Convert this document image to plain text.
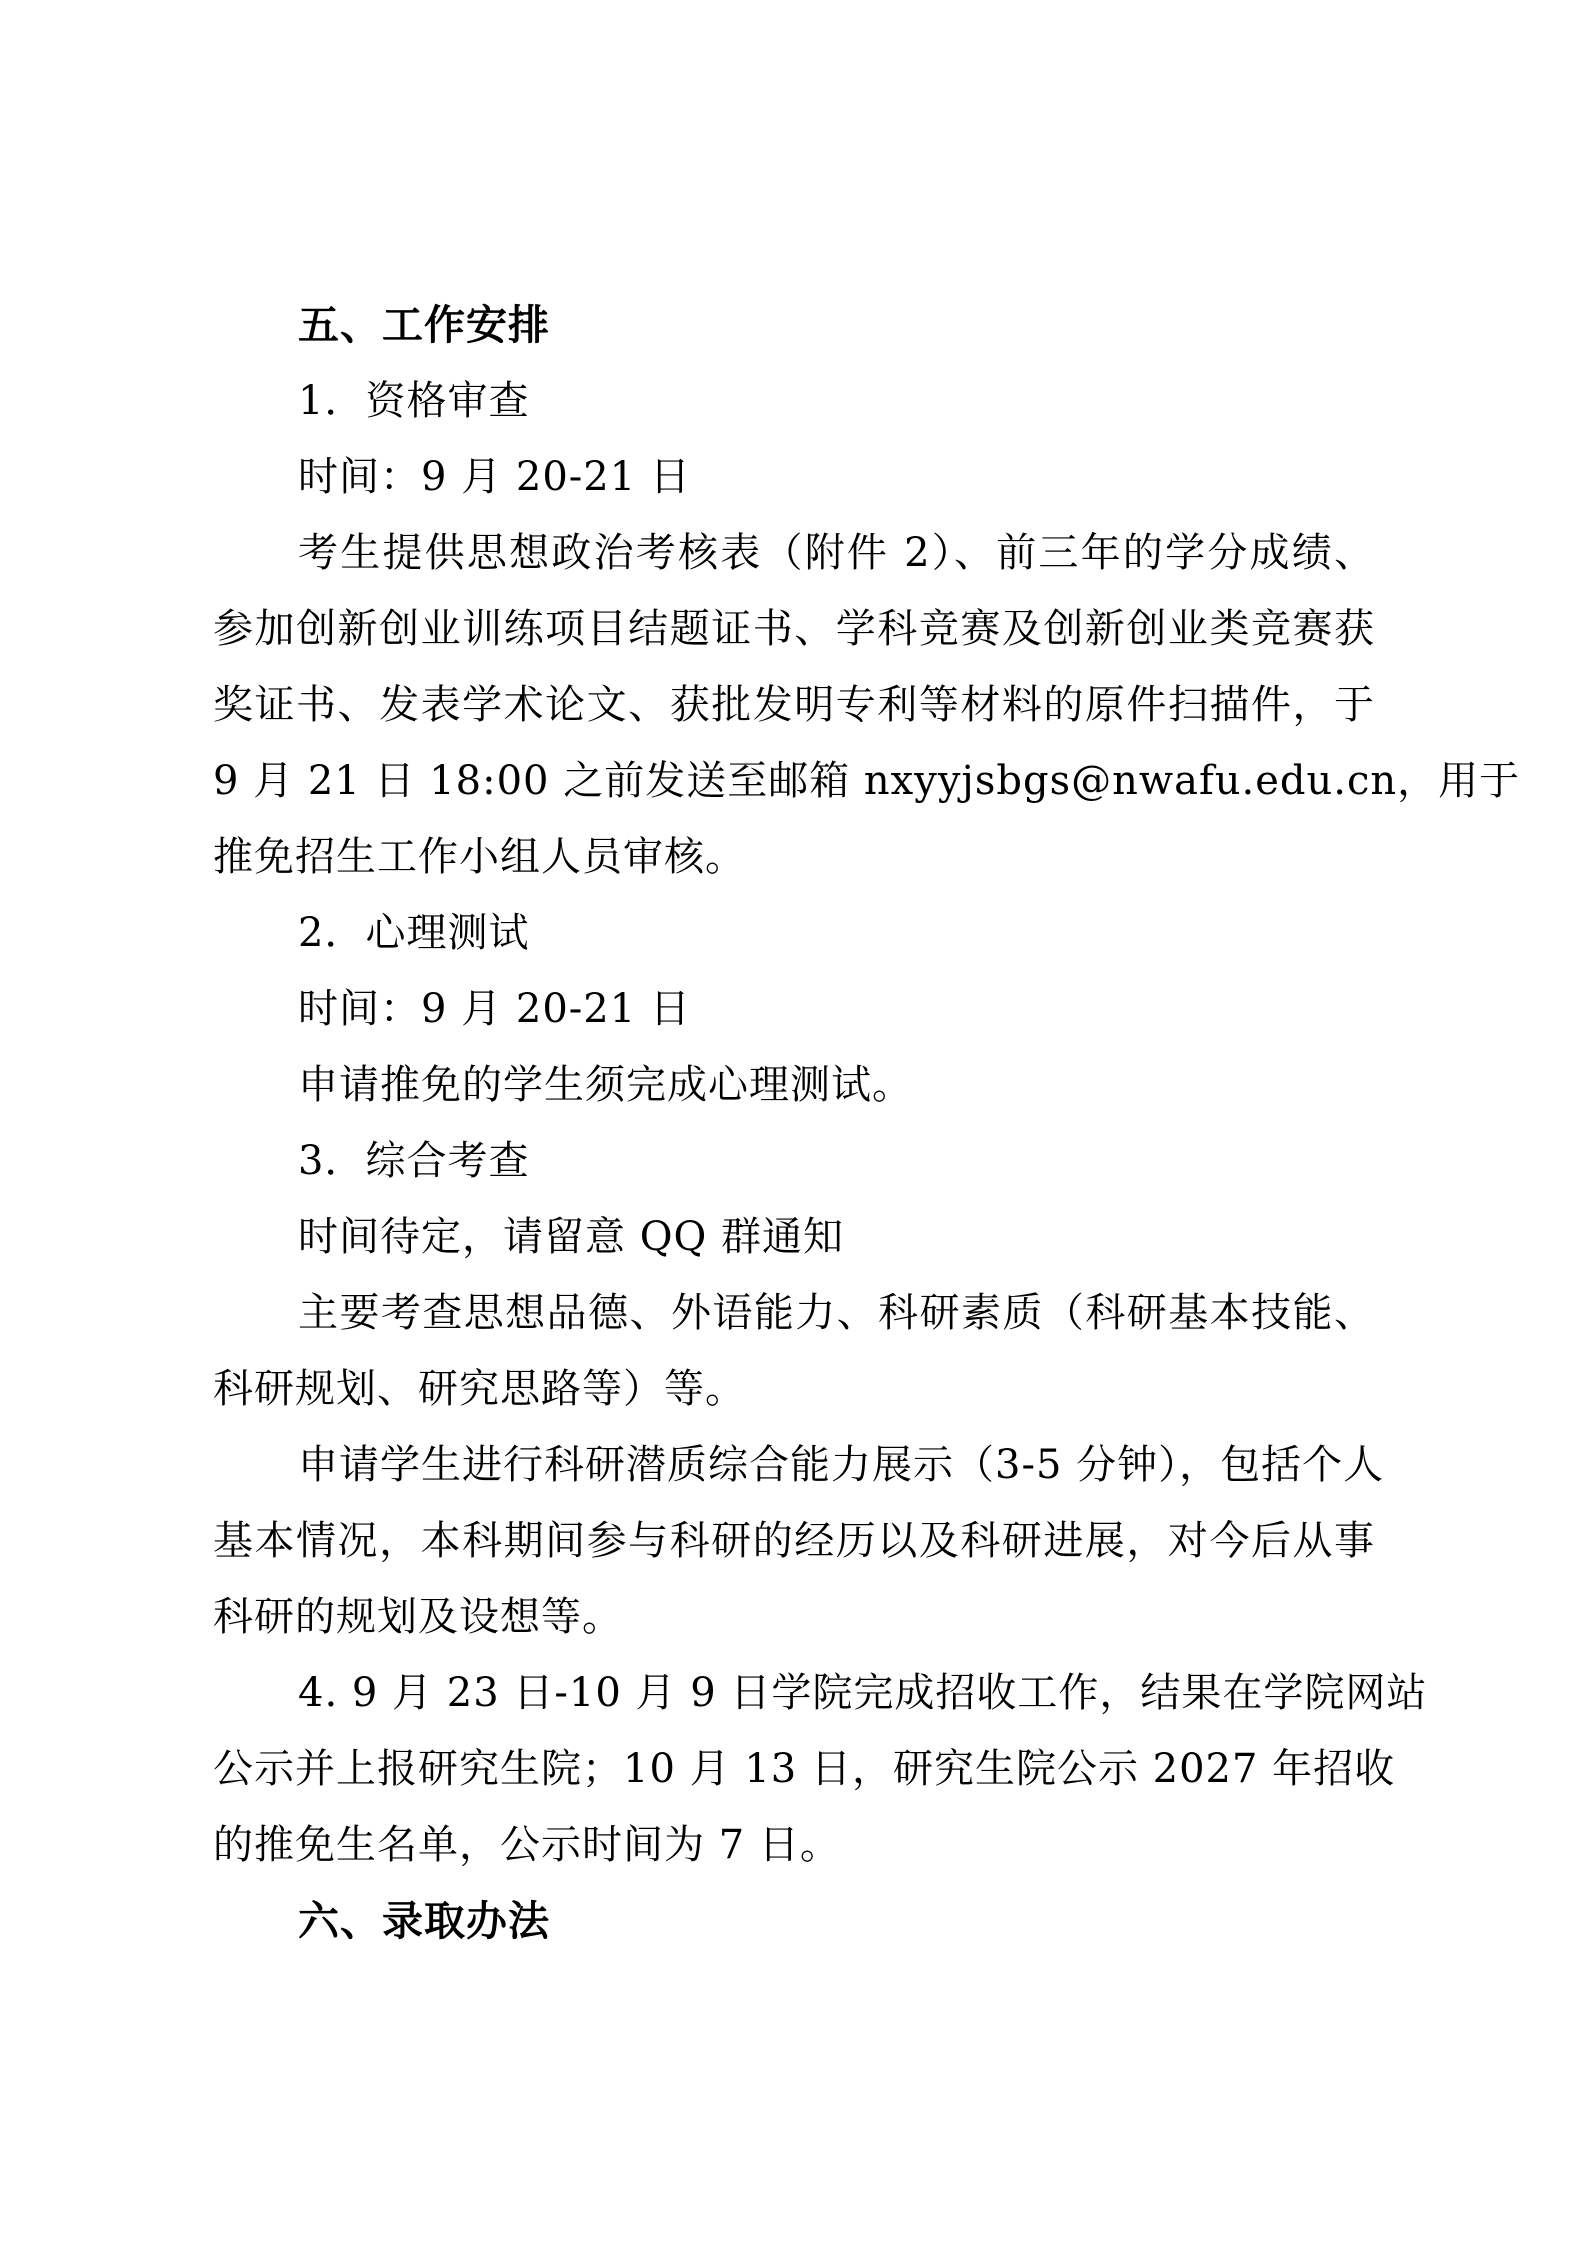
五、工作安排
1．资格审查
时间：9 月 20-21 日
考生提供思想政治考核表（附件 2）、前三年的学分成绩、
参加创新创业训练项目结题证书、学科竞赛及创新创业类竞赛获
奖证书、发表学术论文、获批发明专利等材料的原件扫描件，于
9 月 21 日 18:00 之前发送至邮箱 nxyyjsbgs@nwafu.edu.cn，用于
推免招生工作小组人员审核。
2．心理测试
时间：9 月 20-21 日
申请推免的学生须完成心理测试。
3．综合考查
时间待定，请留意 QQ 群通知
主要考查思想品德、外语能力、科研素质（科研基本技能、
科研规划、研究思路等）等。
申请学生进行科研潜质综合能力展示（3-5 分钟），包括个人
基本情况，本科期间参与科研的经历以及科研进展，对今后从事
科研的规划及设想等。
4. 9 月 23 日-10 月 9 日学院完成招收工作，结果在学院网站
公示并上报研究生院；10 月 13 日，研究生院公示 2027 年招收
的推免生名单，公示时间为 7 日。
六、录取办法
